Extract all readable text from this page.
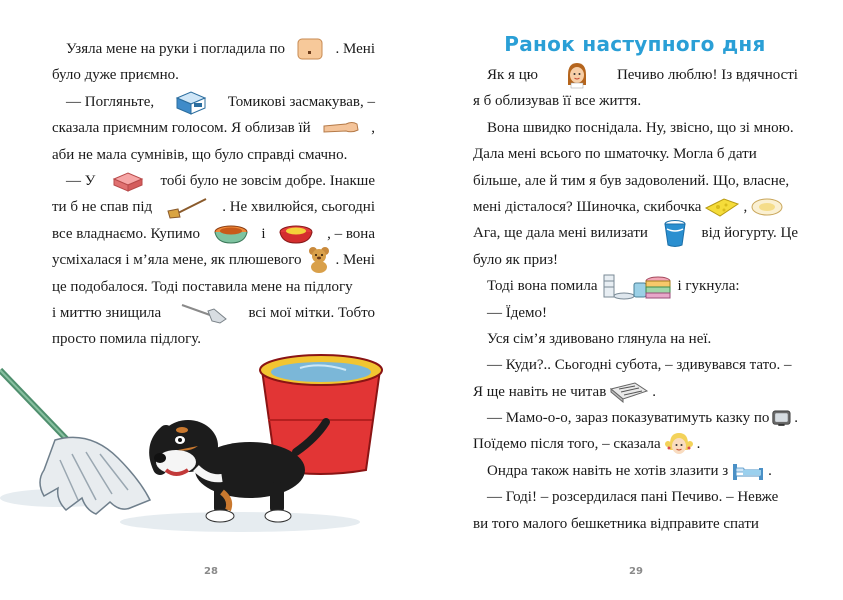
Узяла мене на руки і погладила по	. Мені
було дуже приємно.
— Погляньте,	Томикові засмакував, –
сказала приємним голосом. Я облизав їй	,
аби не мала сумнівів, що було справді смачно.
— У	тобі було не зовсім добре. Інакше
ти б не спав під	. Не хвилюйся, сьогодні
все владнаємо. Купимо	і	, – вона
усміхалася і м’яла мене, як плюшевого . Мені
це подобалося. Тоді поставила мене на підлогу
і миттю знищила	всі мої мітки. Тобто
просто помила підлогу.
28
Ранок наступного дня
Як я цю	Печиво люблю! Із вдячності
я б облизував її все життя.
Вона швидко поснідала. Ну, звісно, що зі мною.
Дала мені всього по шматочку. Могла б дати
більше, але й тим я був задоволений. Що, власне,
мені дісталося? Шиночка, скибочка	,
Ага, ще дала мені вилизати	від йогурту. Це
було як приз!
Тоді вона помила	і гукнула:
— Їдемо!
Уся сім’я здивовано глянула на неї.
— Куди?.. Сьогодні субота, – здивувався тато. –
Я ще навіть не читав	.
— Мамо-о-о, зараз показуватимуть казку по .
Поїдемо після того, – сказала .
Ондра також навіть не хотів злазити з	.
— Годі! – розсердилася пані Печиво. – Невже
ви того малого бешкетника відправите спати
29
